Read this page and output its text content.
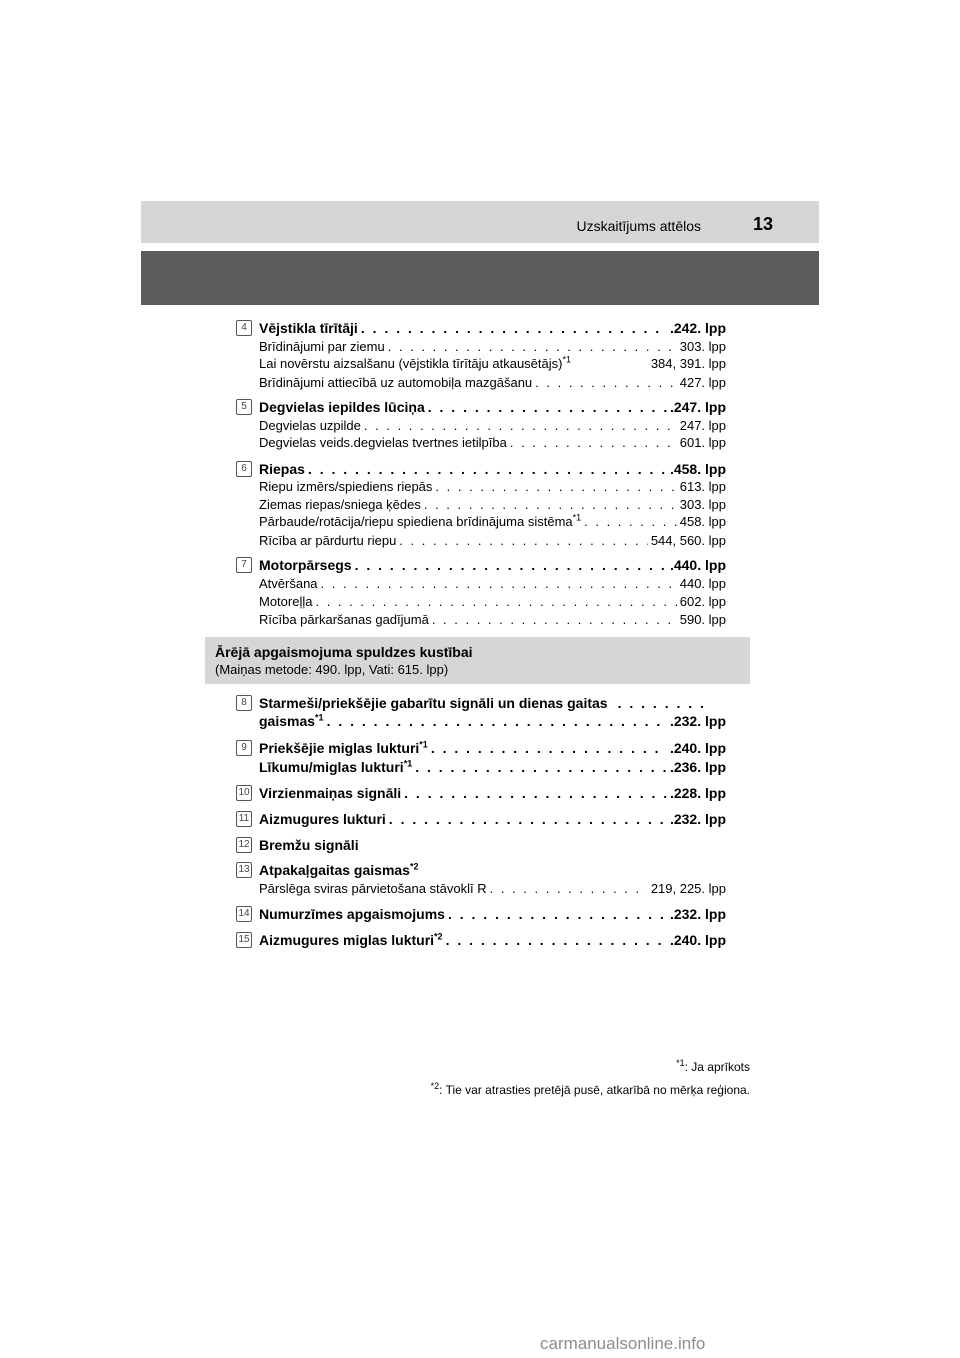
Uzskaitījums attēlos	13
4 Vējstikla tīrītāji . . .	.242. lpp
Brīdinājumi par ziemu . . .	303. lpp
Lai novērstu aizsalšanu (vējstikla tīrītāju atkausētājs)$^{*1}$	384, 391. lpp
Brīdinājumi attiecībā uz automobiļa mazgāšanu . . .	427. lpp
5 Degvielas iepildes lūciņa . . .	.247. lpp
Degvielas uzpilde . . .	247. lpp
Degvielas veids.degvielas tvertnes ietilpība . . .	601. lpp
6 Riepas . . .	.458. lpp
Riepu izmērs/spiediens riepās . . .	613. lpp
Ziemas riepas/sniega ķēdes . . .	303. lpp
Pārbaude/rotācija/riepu spiediena brīdinājuma sistēma$^{*1}$ . . .	458. lpp
Rīcība ar pārdurtu riepu . . .	544, 560. lpp
7 Motorpārsegs . . .	.440. lpp
Atvēršana . . .	440. lpp
Motoreļļa . . .	602. lpp
Rīcība pārkaršanas gadījumā . . .	590. lpp
Ārējā apgaismojuma spuldzes kustībai
(Maiņas metode: 490. lpp, Vati: 615. lpp)
8 Starmeši/priekšējie gabarītu signāli un dienas gaitas . . . . . . . .
gaismas$^{*1}$ . . .	.232. lpp
9 Priekšējie miglas lukturi$^{*1}$ . . .	.240. lpp
Līkumu/miglas lukturi$^{*1}$ . . .	.236. lpp
10 Virzienmaiņas signāli . . .	.228. lpp
11 Aizmugures lukturi . . .	.232. lpp
12 Bremžu signāli
13 Atpakaļgaitas gaismas$^{*2}$
Pārslēga sviras pārvietošana stāvoklī R . . .	219, 225. lpp
14 Numurzīmes apgaismojums . . .	.232. lpp
15 Aizmugures miglas lukturi$^{*2}$ . . .	.240. lpp
$^{*1}$: Ja aprīkots
$^{*2}$: Tie var atrasties pretējā pusē, atkarībā no mērķa reģiona.
carmanualsonline.info
